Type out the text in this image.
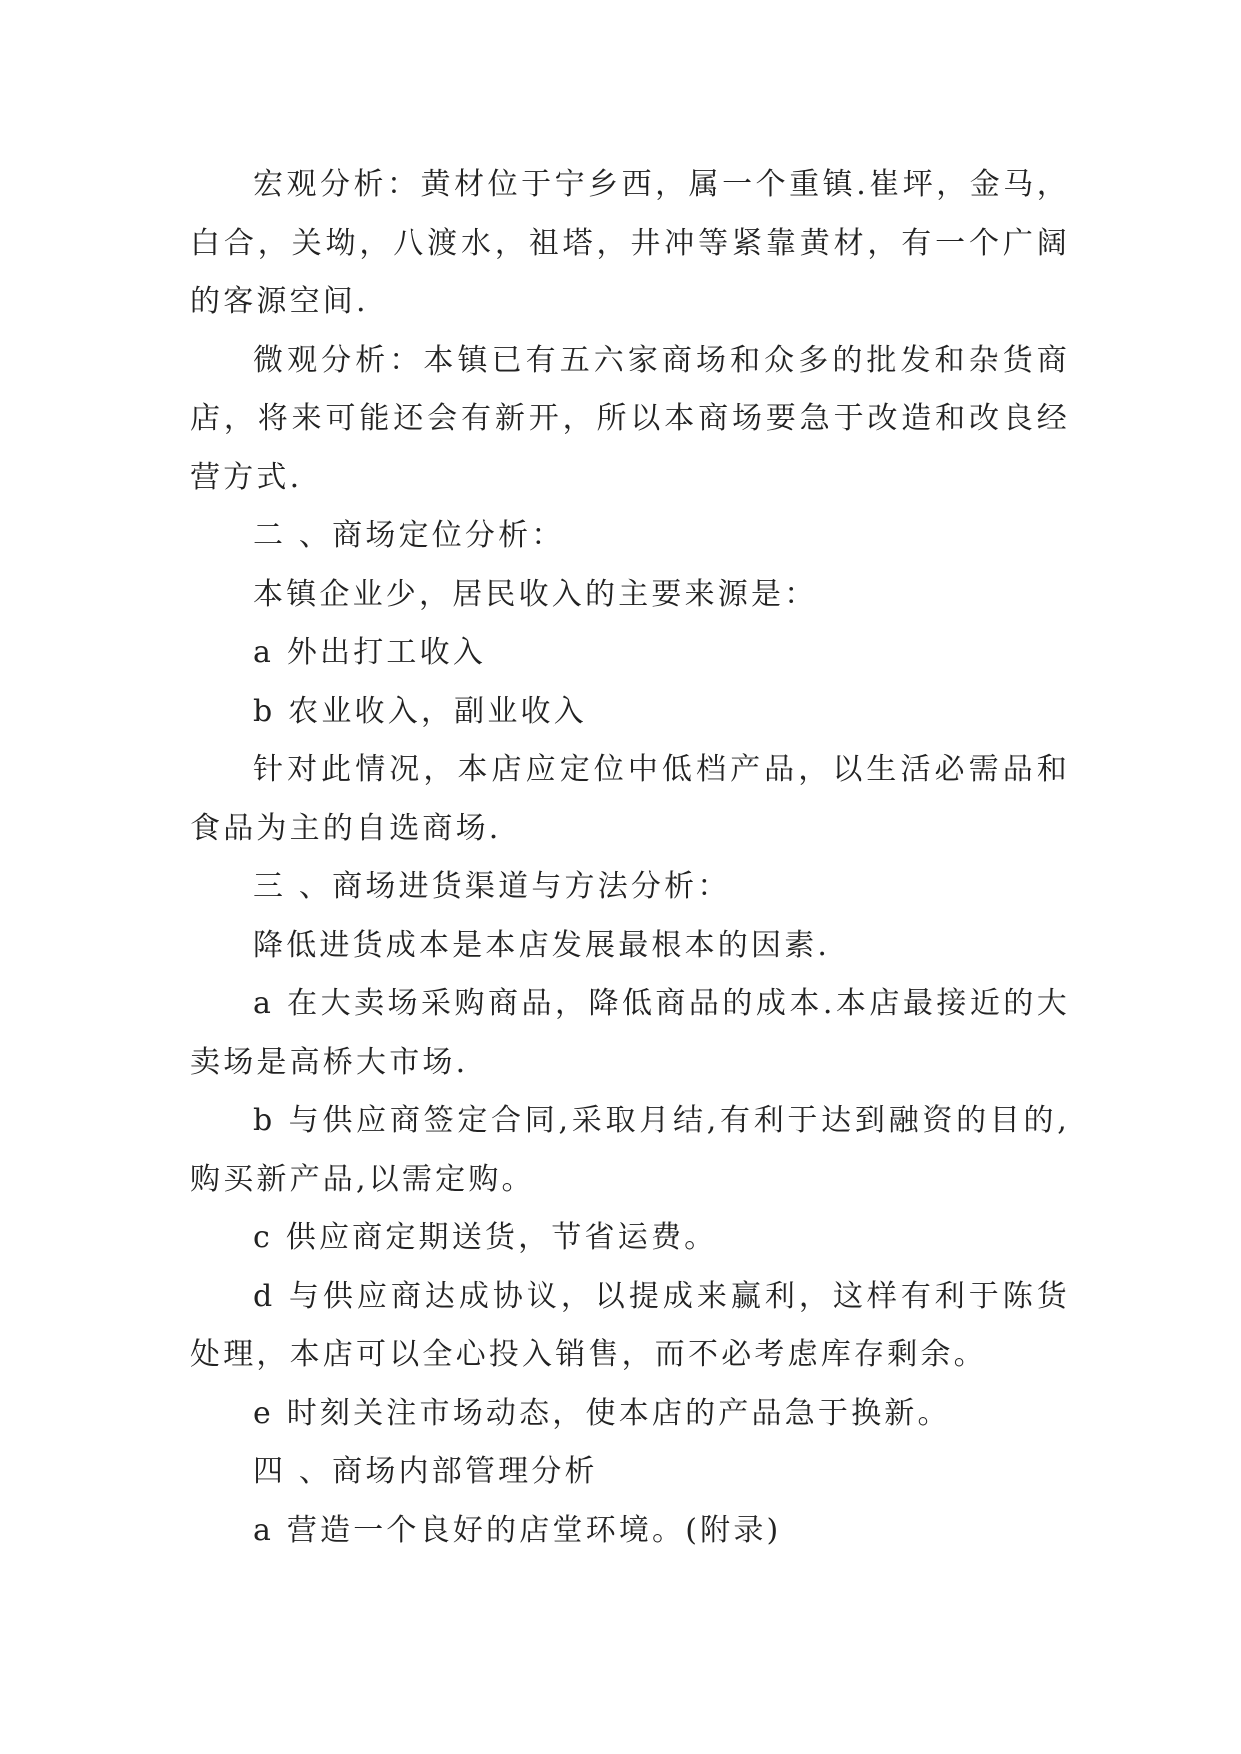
宏观分析：黄材位于宁乡西，属一个重镇.崔坪，金马，白合，关坳，八渡水，祖塔，井冲等紧靠黄材，有一个广阔的客源空间.

微观分析：本镇已有五六家商场和众多的批发和杂货商店，将来可能还会有新开，所以本商场要急于改造和改良经营方式.

二 、商场定位分析：

本镇企业少，居民收入的主要来源是：

a 外出打工收入

b 农业收入，副业收入

针对此情况，本店应定位中低档产品，以生活必需品和食品为主的自选商场.

三 、商场进货渠道与方法分析：

降低进货成本是本店发展最根本的因素.

a 在大卖场采购商品，降低商品的成本.本店最接近的大卖场是高桥大市场.

b 与供应商签定合同,采取月结,有利于达到融资的目的,购买新产品,以需定购。

c 供应商定期送货，节省运费。

d 与供应商达成协议，以提成来赢利，这样有利于陈货处理，本店可以全心投入销售，而不必考虑库存剩余。

e 时刻关注市场动态，使本店的产品急于换新。

四 、商场内部管理分析

a 营造一个良好的店堂环境。(附录)
